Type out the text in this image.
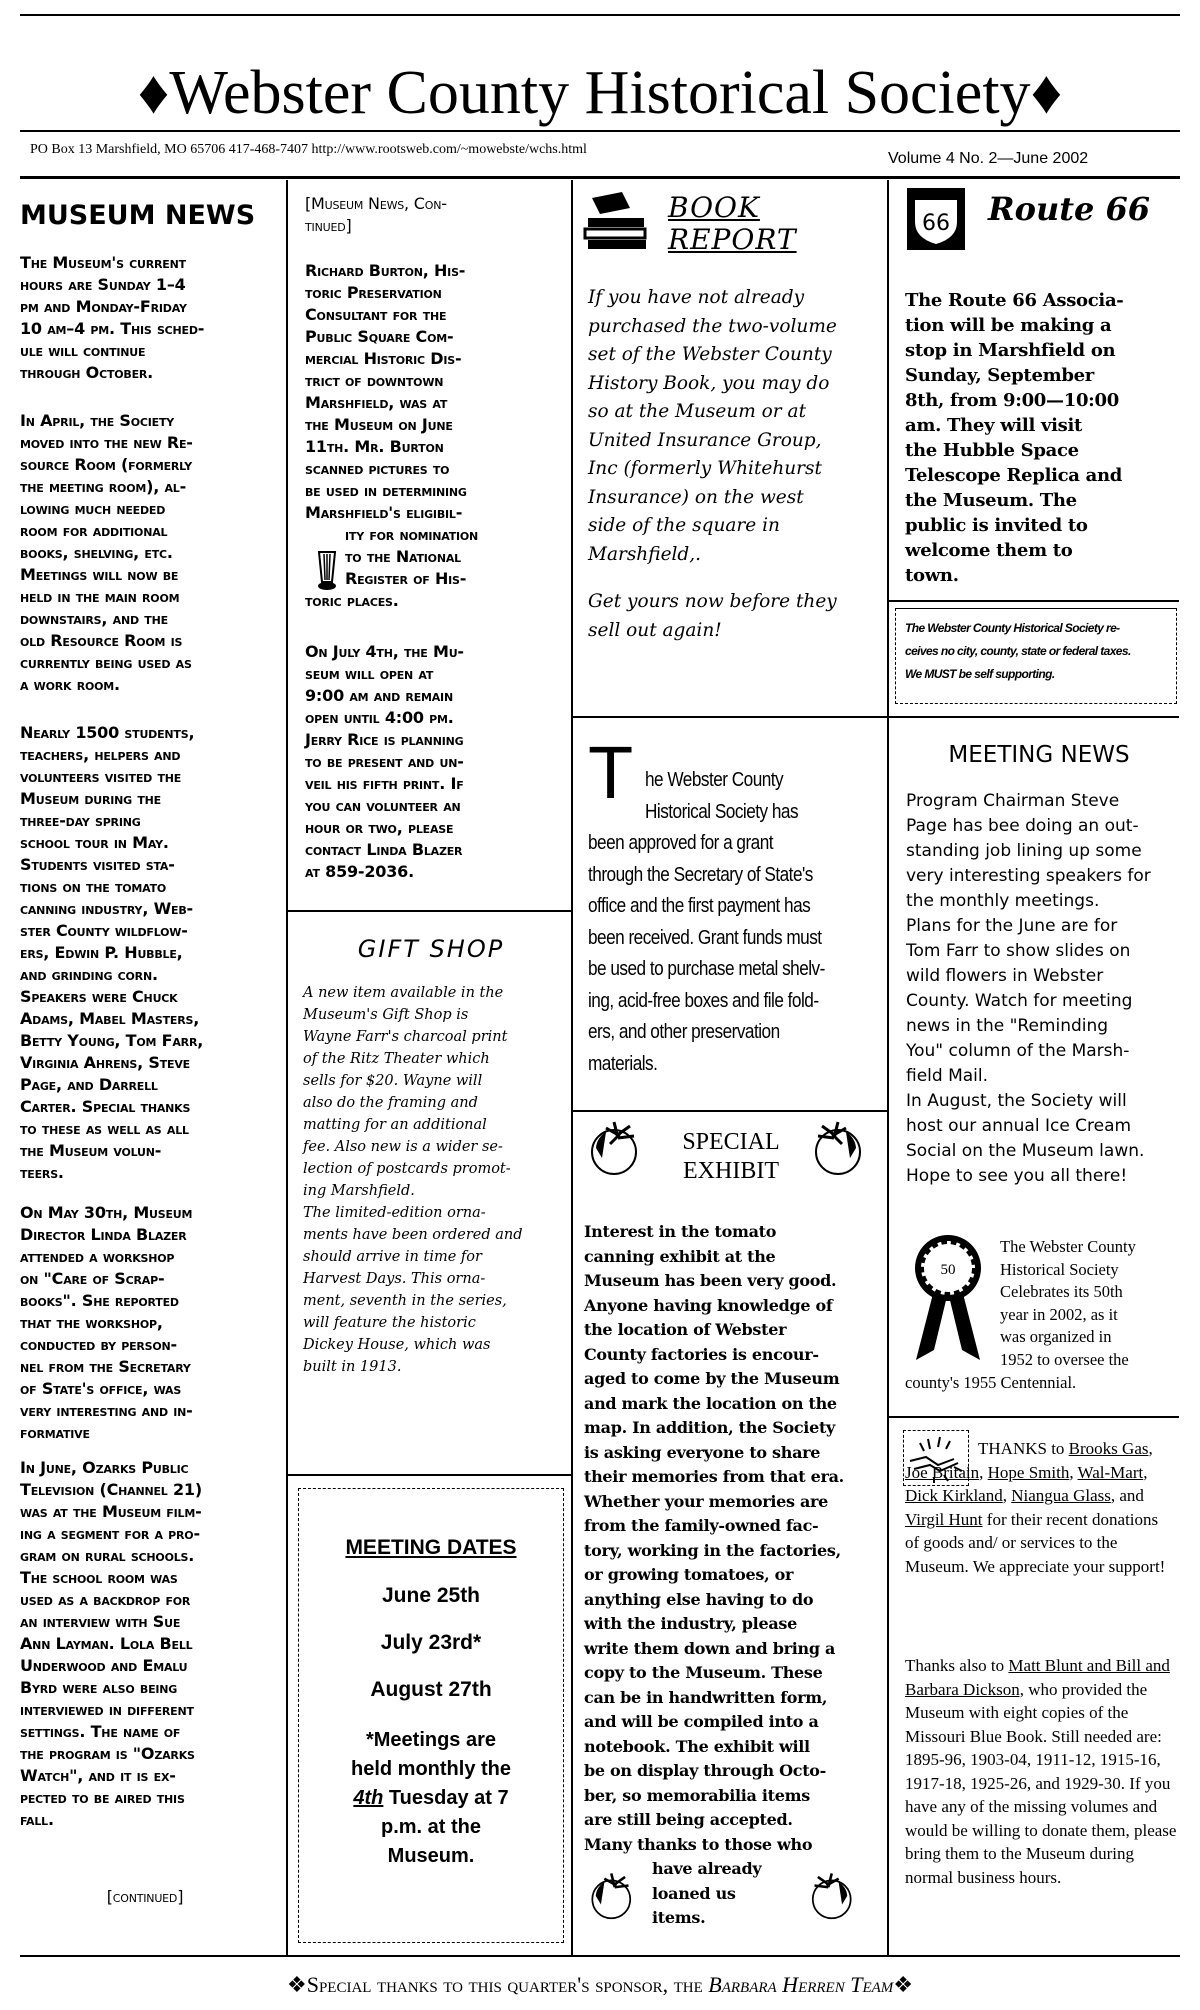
♦Webster County Historical Society♦
PO Box 13 Marshfield, MO 65706 417-468-7407 http://www.rootsweb.com/~mowebste/wchs.html
Volume 4 No. 2—June 2002
MUSEUM NEWS
The Museum's current
hours are Sunday 1–4
pm and Monday-Friday
10 am–4 pm. This sched-
ule will continue
through October.
In April, the Society
moved into the new Re-
source Room (formerly
the meeting room), al-
lowing much needed
room for additional
books, shelving, etc.
Meetings will now be
held in the main room
downstairs, and the
old Resource Room is
currently being used as
a work room.
Nearly 1500 students,
teachers, helpers and
volunteers visited the
Museum during the
three-day spring
school tour in May.
Students visited sta-
tions on the tomato
canning industry, Web-
ster County wildflow-
ers, Edwin P. Hubble,
and grinding corn.
Speakers were Chuck
Adams, Mabel Masters,
Betty Young, Tom Farr,
Virginia Ahrens, Steve
Page, and Darrell
Carter. Special thanks
to these as well as all
the Museum volun-
teers.
On May 30th, Museum
Director Linda Blazer
attended a workshop
on "Care of Scrap-
books". She reported
that the workshop,
conducted by person-
nel from the Secretary
of State's office, was
very interesting and in-
formative
In June, Ozarks Public
Television (Channel 21)
was at the Museum film-
ing a segment for a pro-
gram on rural schools.
The school room was
used as a backdrop for
an interview with Sue
Ann Layman. Lola Bell
Underwood and Emalu
Byrd were also being
interviewed in different
settings. The name of
the program is "Ozarks
Watch", and it is ex-
pected to be aired this
fall.
[continued]
[Museum News, Con-
tinued]
Richard Burton, His-
toric Preservation
Consultant for the
Public Square Com-
mercial Historic Dis-
trict of downtown
Marshfield, was at
the Museum on June
11th. Mr. Burton
scanned pictures to
be used in determining
Marshfield's eligibil-
ity for nomination
to the National
Register of His-
toric places.
On July 4th, the Mu-
seum will open at
9:00 am and remain
open until 4:00 pm.
Jerry Rice is planning
to be present and un-
veil his fifth print. If
you can volunteer an
hour or two, please
contact Linda Blazer
at 859-2036.
GIFT SHOP
A new item available in the
Museum's Gift Shop is
Wayne Farr's charcoal print
of the Ritz Theater which
sells for $20. Wayne will
also do the framing and
matting for an additional
fee. Also new is a wider se-
lection of postcards promot-
ing Marshfield.
The limited-edition orna-
ments have been ordered and
should arrive in time for
Harvest Days. This orna-
ment, seventh in the series,
will feature the historic
Dickey House, which was
built in 1913.
MEETING DATES
June 25th
July 23rd*
August 27th
*Meetings are
held monthly the
4th Tuesday at 7
p.m. at the
Museum.
BOOK
REPORT
If you have not already
purchased the two-volume
set of the Webster County
History Book, you may do
so at the Museum or at
United Insurance Group,
Inc (formerly Whitehurst
Insurance) on the west
side of the square in
Marshfield,.
Get yours now before they
sell out again!
T he Webster County
Historical Society has
been approved for a grant
through the Secretary of State's
office and the first payment has
been received. Grant funds must
be used to purchase metal shelv-
ing, acid-free boxes and file fold-
ers, and other preservation
materials.
SPECIAL
EXHIBIT
Interest in the tomato
canning exhibit at the
Museum has been very good.
Anyone having knowledge of
the location of Webster
County factories is encour-
aged to come by the Museum
and mark the location on the
map. In addition, the Society
is asking everyone to share
their memories from that era.
Whether your memories are
from the family-owned fac-
tory, working in the factories,
or growing tomatoes, or
anything else having to do
with the industry, please
write them down and bring a
copy to the Museum. These
can be in handwritten form,
and will be compiled into a
notebook. The exhibit will
be on display through Octo-
ber, so memorabilia items
are still being accepted.
Many thanks to those who
have already
loaned us
items.
66 Route 66
The Route 66 Associa-
tion will be making a
stop in Marshfield on
Sunday, September
8th, from 9:00—10:00
am. They will visit
the Hubble Space
Telescope Replica and
the Museum. The
public is invited to
welcome them to
town.
The Webster County Historical Society re-
ceives no city, county, state or federal taxes.
We MUST be self supporting.
MEETING NEWS
Program Chairman Steve
Page has bee doing an out-
standing job lining up some
very interesting speakers for
the monthly meetings.
Plans for the June are for
Tom Farr to show slides on
wild flowers in Webster
County. Watch for meeting
news in the "Reminding
You" column of the Marsh-
field Mail.
In August, the Society will
host our annual Ice Cream
Social on the Museum lawn.
Hope to see you all there!
50
The Webster County
Historical Society
Celebrates its 50th
year in 2002, as it
was organized in
1952 to oversee the
county's 1955 Centennial.
THANKS to Brooks Gas, Joe Britain, Hope Smith, Wal-Mart, Dick Kirkland, Niangua Glass, and Virgil Hunt for their recent donations of goods and/ or services to the Museum. We appreciate your support!
Thanks also to Matt Blunt and Bill and Barbara Dickson, who provided the Museum with eight copies of the Missouri Blue Book. Still needed are: 1895-96, 1903-04, 1911-12, 1915-16, 1917-18, 1925-26, and 1929-30. If you have any of the missing volumes and would be willing to donate them, please bring them to the Museum during normal business hours.
❖Special thanks to this quarter's sponsor, the Barbara Herren Team❖
